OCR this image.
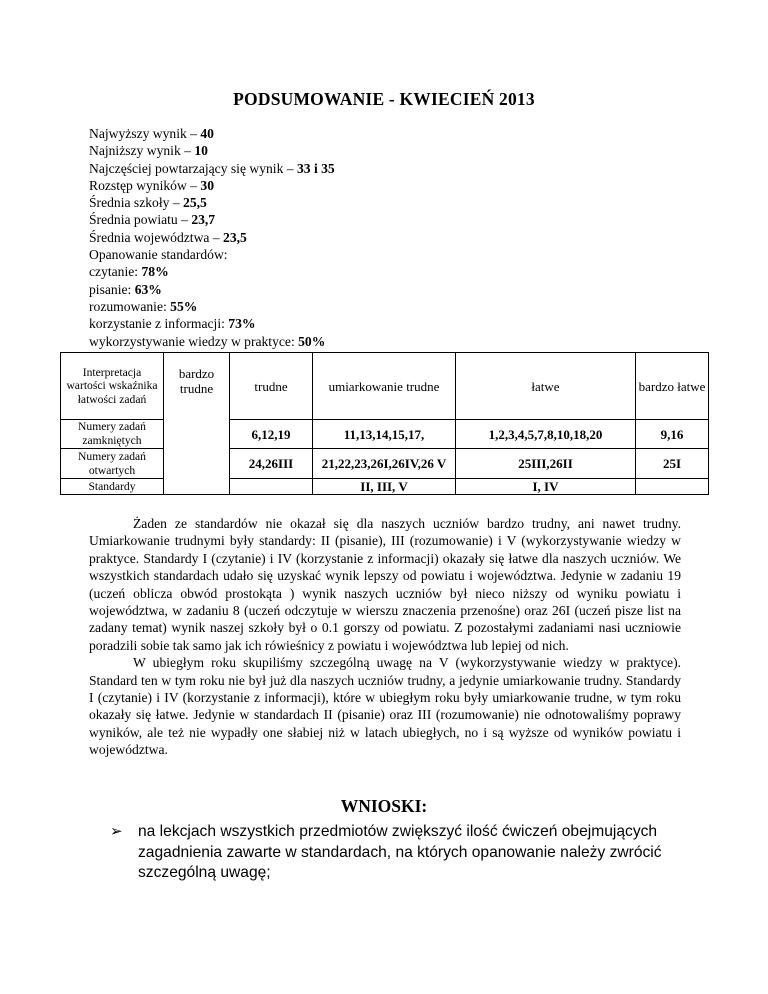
PODSUMOWANIE - KWIECIEŃ 2013
Najwyższy wynik – 40
Najniższy wynik – 10
Najczęściej powtarzający się wynik – 33 i 35
Rozstęp wyników – 30
Średnia szkoły – 25,5
Średnia powiatu – 23,7
Średnia województwa – 23,5
Opanowanie standardów:
czytanie: 78%
pisanie: 63%
rozumowanie: 55%
korzystanie z informacji: 73%
wykorzystywanie wiedzy w praktyce: 50%
Interpretacja wartości wskaźnika łatwości zadań	bardzo trudne	trudne	umiarkowanie trudne	łatwe	bardzo łatwe
Numery zadań zamkniętych		6,12,19	11,13,14,15,17,	1,2,3,4,5,7,8,10,18,20	9,16
Numery zadań otwartych		24,26III	21,22,23,26I,26IV,26 V	25III,26II	25I
Standardy			II, III, V	I, IV	

Żaden ze standardów nie okazał się dla naszych uczniów bardzo trudny, ani nawet trudny. Umiarkowanie trudnymi były standardy: II (pisanie), III (rozumowanie) i V (wykorzystywanie wiedzy w praktyce. Standardy I (czytanie) i IV (korzystanie z informacji) okazały się łatwe dla naszych uczniów. We wszystkich standardach udało się uzyskać wynik lepszy od powiatu i województwa. Jedynie w zadaniu 19 (uczeń oblicza obwód prostokąta ) wynik naszych uczniów był nieco niższy od wyniku powiatu i województwa, w zadaniu 8 (uczeń odczytuje w wierszu znaczenia przenośne) oraz 26I (uczeń pisze list na zadany temat) wynik naszej szkoły był o 0.1 gorszy od powiatu. Z pozostałymi zadaniami nasi uczniowie poradzili sobie tak samo jak ich rówieśnicy z powiatu i województwa lub lepiej od nich.

W ubiegłym roku skupiliśmy szczególną uwagę na V (wykorzystywanie wiedzy w praktyce). Standard ten w tym roku nie był już dla naszych uczniów trudny, a jedynie umiarkowanie trudny. Standardy I (czytanie) i IV (korzystanie z informacji), które w ubiegłym roku były umiarkowanie trudne, w tym roku okazały się łatwe. Jedynie w standardach II (pisanie) oraz III (rozumowanie) nie odnotowaliśmy poprawy wyników, ale też nie wypadły one słabiej niż w latach ubiegłych, no i są wyższe od wyników powiatu i województwa.

WNIOSKI:
➢ na lekcjach wszystkich przedmiotów zwiększyć ilość ćwiczeń obejmujących zagadnienia zawarte w standardach, na których opanowanie należy zwrócić szczególną uwagę;
